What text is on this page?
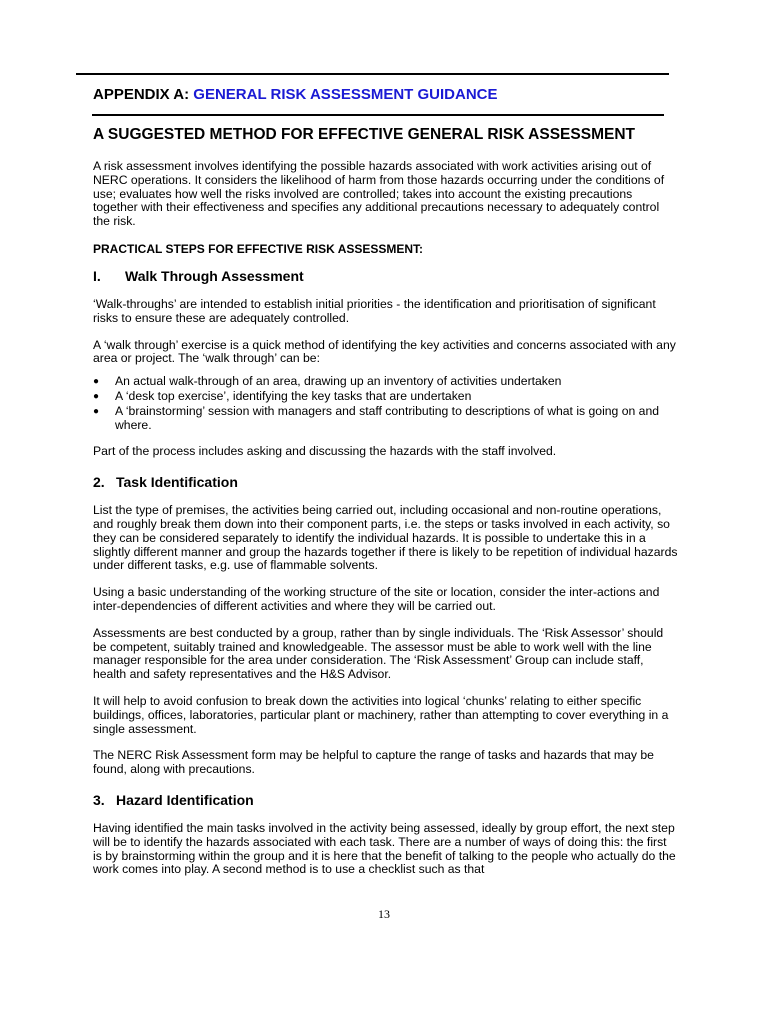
APPENDIX A: GENERAL RISK ASSESSMENT GUIDANCE
A SUGGESTED METHOD FOR EFFECTIVE GENERAL RISK ASSESSMENT

A risk assessment involves identifying the possible hazards associated with work activities arising out of NERC operations. It considers the likelihood of harm from those hazards occurring under the conditions of use; evaluates how well the risks involved are controlled; takes into account the existing precautions together with their effectiveness and specifies any additional precautions necessary to adequately control the risk.

PRACTICAL STEPS FOR EFFECTIVE RISK ASSESSMENT:
I. Walk Through Assessment

‘Walk-throughs’ are intended to establish initial priorities - the identification and prioritisation of significant risks to ensure these are adequately controlled.

A ‘walk through’ exercise is a quick method of identifying the key activities and concerns associated with any area or project. The ‘walk through’ can be:

● An actual walk-through of an area, drawing up an inventory of activities undertaken
● A ‘desk top exercise’, identifying the key tasks that are undertaken
● A ‘brainstorming’ session with managers and staff contributing to descriptions of what is going on and where.

Part of the process includes asking and discussing the hazards with the staff involved.

2. Task Identification

List the type of premises, the activities being carried out, including occasional and non-routine operations, and roughly break them down into their component parts, i.e. the steps or tasks involved in each activity, so they can be considered separately to identify the individual hazards. It is possible to undertake this in a slightly different manner and group the hazards together if there is likely to be repetition of individual hazards under different tasks, e.g. use of flammable solvents.

Using a basic understanding of the working structure of the site or location, consider the inter-actions and inter-dependencies of different activities and where they will be carried out.

Assessments are best conducted by a group, rather than by single individuals. The ‘Risk Assessor’ should be competent, suitably trained and knowledgeable. The assessor must be able to work well with the line manager responsible for the area under consideration. The ‘Risk Assessment’ Group can include staff, health and safety representatives and the H&S Advisor.

It will help to avoid confusion to break down the activities into logical ‘chunks’ relating to either specific buildings, offices, laboratories, particular plant or machinery, rather than attempting to cover everything in a single assessment.

The NERC Risk Assessment form may be helpful to capture the range of tasks and hazards that may be found, along with precautions.

3. Hazard Identification

Having identified the main tasks involved in the activity being assessed, ideally by group effort, the next step will be to identify the hazards associated with each task. There are a number of ways of doing this: the first is by brainstorming within the group and it is here that the benefit of talking to the people who actually do the work comes into play. A second method is to use a checklist such as that

13
